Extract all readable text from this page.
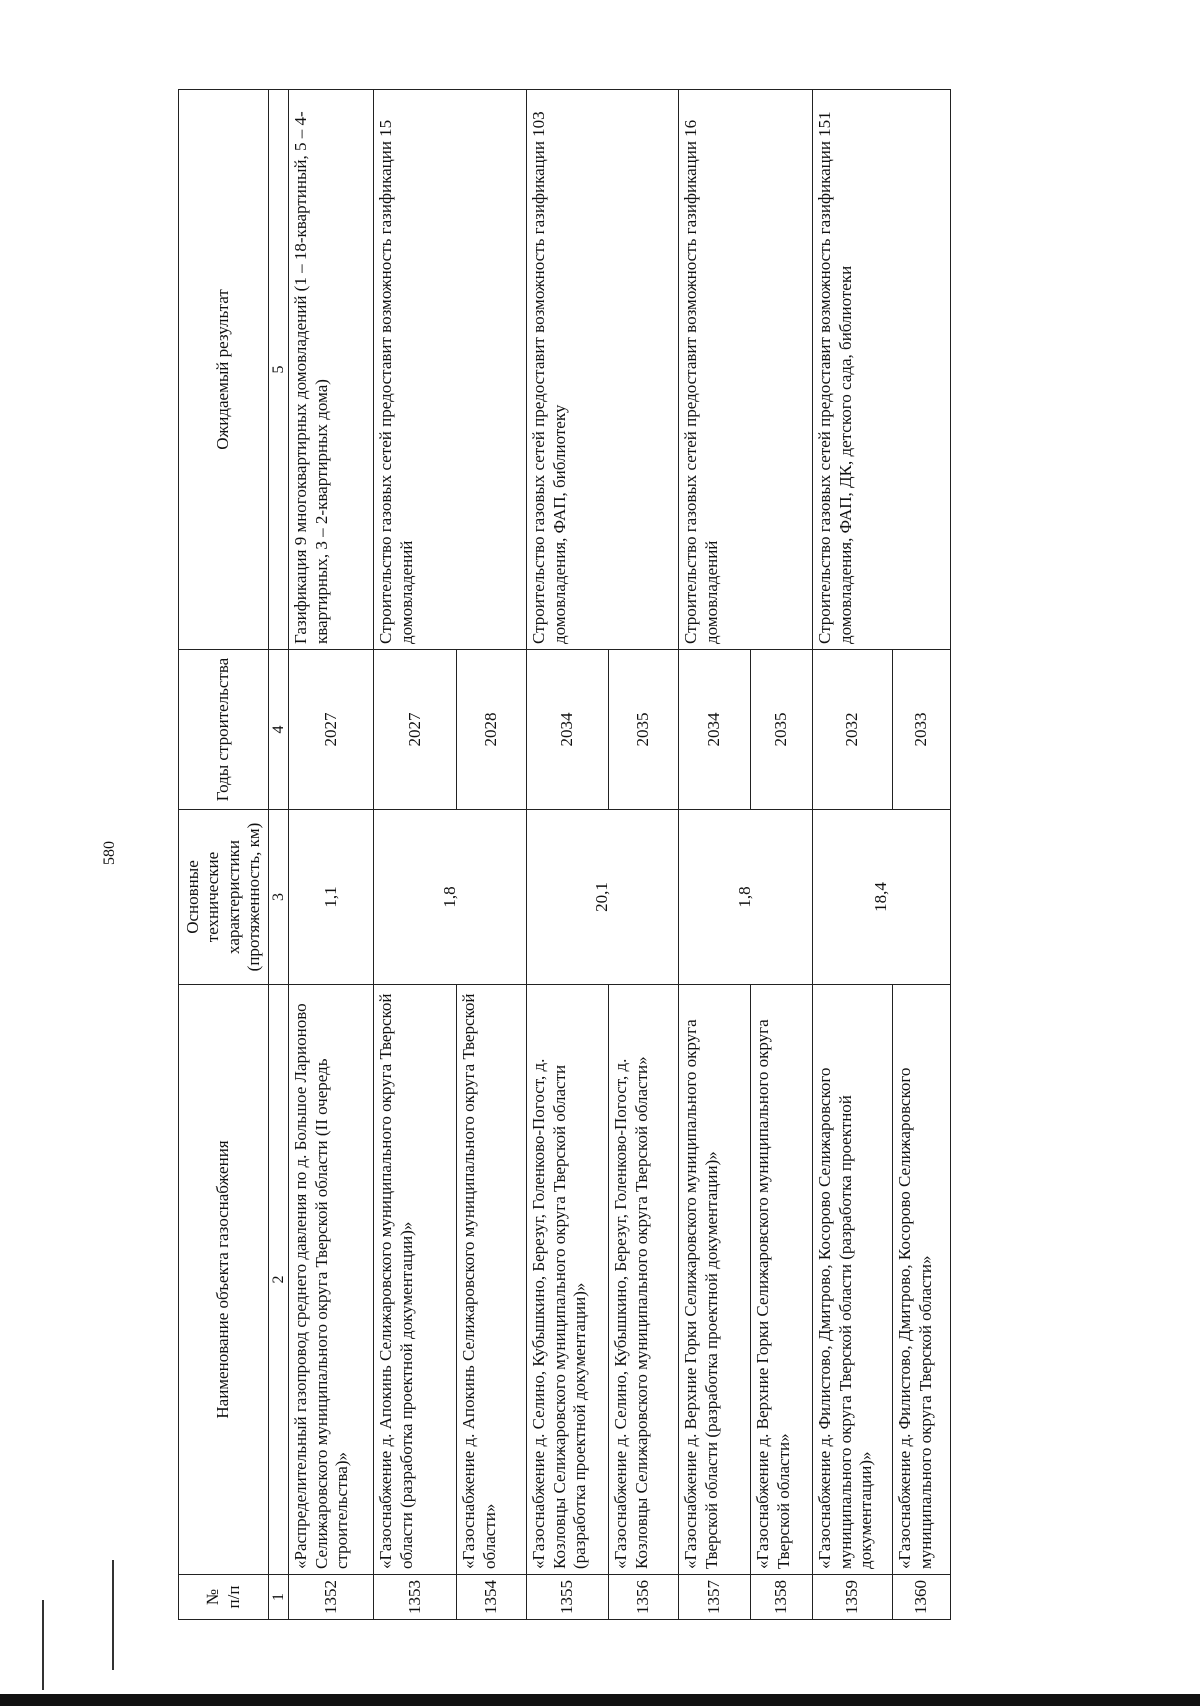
580
№ п/п	Наименование объекта газоснабжения	Основные технические характеристики (протяженность, км)	Годы строительства	Ожидаемый результат
1	2	3	4	5
1352	«Распределительный газопровод среднего давления по д. Большое Ларионово Селижаровского муниципального округа Тверской области (II очередь строительства)»	1,1	2027	Газификация 9 многоквартирных домовладений (1 – 18-квартиный, 5 – 4-квартирных, 3 – 2-квартирных дома)
1353	«Газоснабжение д. Апокинь Селижаровского муниципального округа Тверской области (разработка проектной документации)»	1,8	2027	Строительство газовых сетей предоставит возможность газификации 15 домовладений
1354	«Газоснабжение д. Апокинь Селижаровского муниципального округа Тверской области»		2028	
1355	«Газоснабжение д. Селино, Кубышкино, Березуг, Голенково-Погост, д. Козловцы Селижаровского муниципального округа Тверской области (разработка проектной документации)»	20,1	2034	Строительство газовых сетей предоставит возможность газификации 103 домовладения, ФАП, библиотеку
1356	«Газоснабжение д. Селино, Кубышкино, Березуг, Голенково-Погост, д. Козловцы Селижаровского муниципального округа Тверской области»		2035	
1357	«Газоснабжение д. Верхние Горки Селижаровского муниципального округа Тверской области (разработка проектной документации)»	1,8	2034	Строительство газовых сетей предоставит возможность газификации 16 домовладений
1358	«Газоснабжение д. Верхние Горки Селижаровского муниципального округа Тверской области»		2035	
1359	«Газоснабжение д. Филистово, Дмитрово, Косорово Селижаровского муниципального округа Тверской области (разработка проектной документации)»	18,4	2032	Строительство газовых сетей предоставит возможность газификации 151 домовладения, ФАП, ДК, детского сада, библиотеки
1360	«Газоснабжение д. Филистово, Дмитрово, Косорово Селижаровского муниципального округа Тверской области»		2033	
